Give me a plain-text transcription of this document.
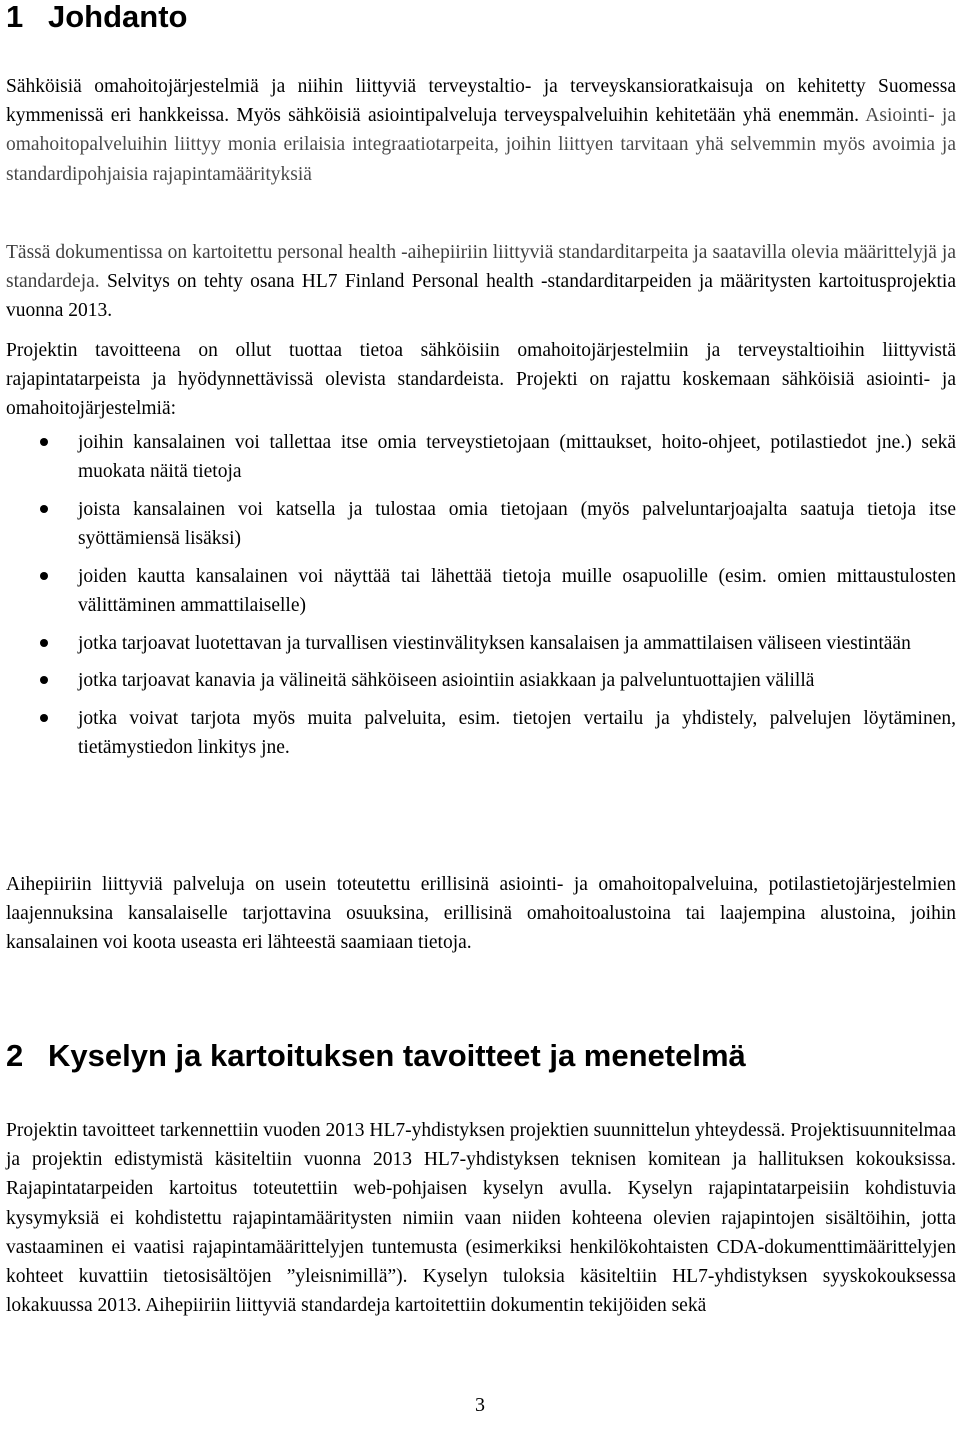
1 Johdanto

Sähköisiä omahoitojärjestelmiä ja niihin liittyviä terveystaltio- ja terveyskansioratkaisuja on kehitetty Suomessa kymmenissä eri hankkeissa. Myös sähköisiä asiointipalveluja terveyspalveluihin kehitetään yhä enemmän. Asiointi- ja omahoitopalveluihin liittyy monia erilaisia integraatiotarpeita, joihin liittyen tarvitaan yhä selvemmin myös avoimia ja standardipohjaisia rajapintamäärityksiä

Tässä dokumentissa on kartoitettu personal health -aihepiiriin liittyviä standarditarpeita ja saatavilla olevia määrittelyjä ja standardeja. Selvitys on tehty osana HL7 Finland Personal health -standarditarpeiden ja määritysten kartoitusprojektia vuonna 2013.

Projektin tavoitteena on ollut tuottaa tietoa sähköisiin omahoitojärjestelmiin ja terveystaltioihin liittyvistä rajapintatarpeista ja hyödynnettävissä olevista standardeista. Projekti on rajattu koskemaan sähköisiä asiointi- ja omahoitojärjestelmiä:

joihin kansalainen voi tallettaa itse omia terveystietojaan (mittaukset, hoito-ohjeet, potilastiedot jne.) sekä muokata näitä tietoja
joista kansalainen voi katsella ja tulostaa omia tietojaan (myös palveluntarjoajalta saatuja tietoja itse syöttämiensä lisäksi)
joiden kautta kansalainen voi näyttää tai lähettää tietoja muille osapuolille (esim. omien mittaustulosten välittäminen ammattilaiselle)
jotka tarjoavat luotettavan ja turvallisen viestinvälityksen kansalaisen ja ammattilaisen väliseen viestintään
jotka tarjoavat kanavia ja välineitä sähköiseen asiointiin asiakkaan ja palveluntuottajien välillä
jotka voivat tarjota myös muita palveluita, esim. tietojen vertailu ja yhdistely, palvelujen löytäminen, tietämystiedon linkitys jne.

Aihepiiriin liittyviä palveluja on usein toteutettu erillisinä asiointi- ja omahoitopalveluina, potilastietojärjestelmien laajennuksina kansalaiselle tarjottavina osuuksina, erillisinä omahoitoalustoina tai laajempina alustoina, joihin kansalainen voi koota useasta eri lähteestä saamiaan tietoja.

2 Kyselyn ja kartoituksen tavoitteet ja menetelmä

Projektin tavoitteet tarkennettiin vuoden 2013 HL7-yhdistyksen projektien suunnittelun yhteydessä. Projektisuunnitelmaa ja projektin edistymistä käsiteltiin vuonna 2013 HL7-yhdistyksen teknisen komitean ja hallituksen kokouksissa. Rajapintatarpeiden kartoitus toteutettiin web-pohjaisen kyselyn avulla. Kyselyn rajapintatarpeisiin kohdistuvia kysymyksiä ei kohdistettu rajapintamääritysten nimiin vaan niiden kohteena olevien rajapintojen sisältöihin, jotta vastaaminen ei vaatisi rajapintamäärittelyjen tuntemusta (esimerkiksi henkilökohtaisten CDA-dokumenttimäärittelyjen kohteet kuvattiin tietosisältöjen ”yleisnimillä”). Kyselyn tuloksia käsiteltiin HL7-yhdistyksen syyskokouksessa lokakuussa 2013. Aihepiiriin liittyviä standardeja kartoitettiin dokumentin tekijöiden sekä

3
